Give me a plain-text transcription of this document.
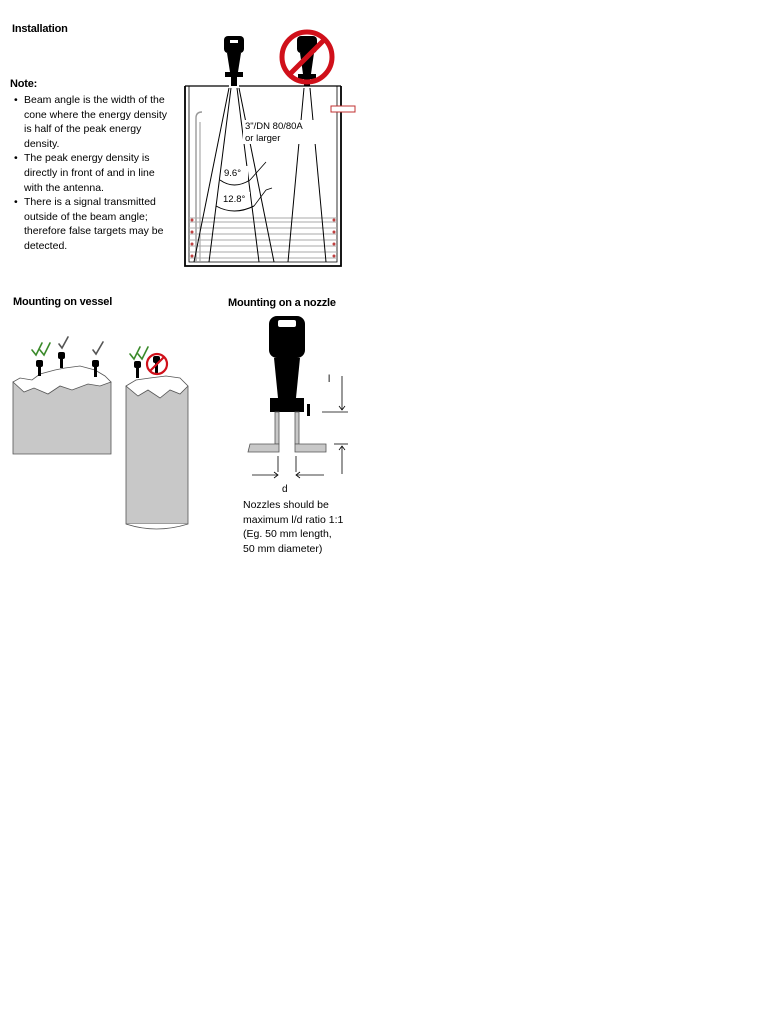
Installation
Note:
• Beam angle is the width of the cone where the energy density is half of the peak energy density.
• The peak energy density is directly in front of and in line with the antenna.
• There is a signal transmitted outside of the beam angle; therefore false targets may be detected.
9.6°
12.8°
3"/DN 80/80A
or larger
Mounting on vessel	Mounting on a nozzle
l
d
Nozzles should be
maximum l/d ratio 1:1
(Eg. 50 mm length,
50 mm diameter)
